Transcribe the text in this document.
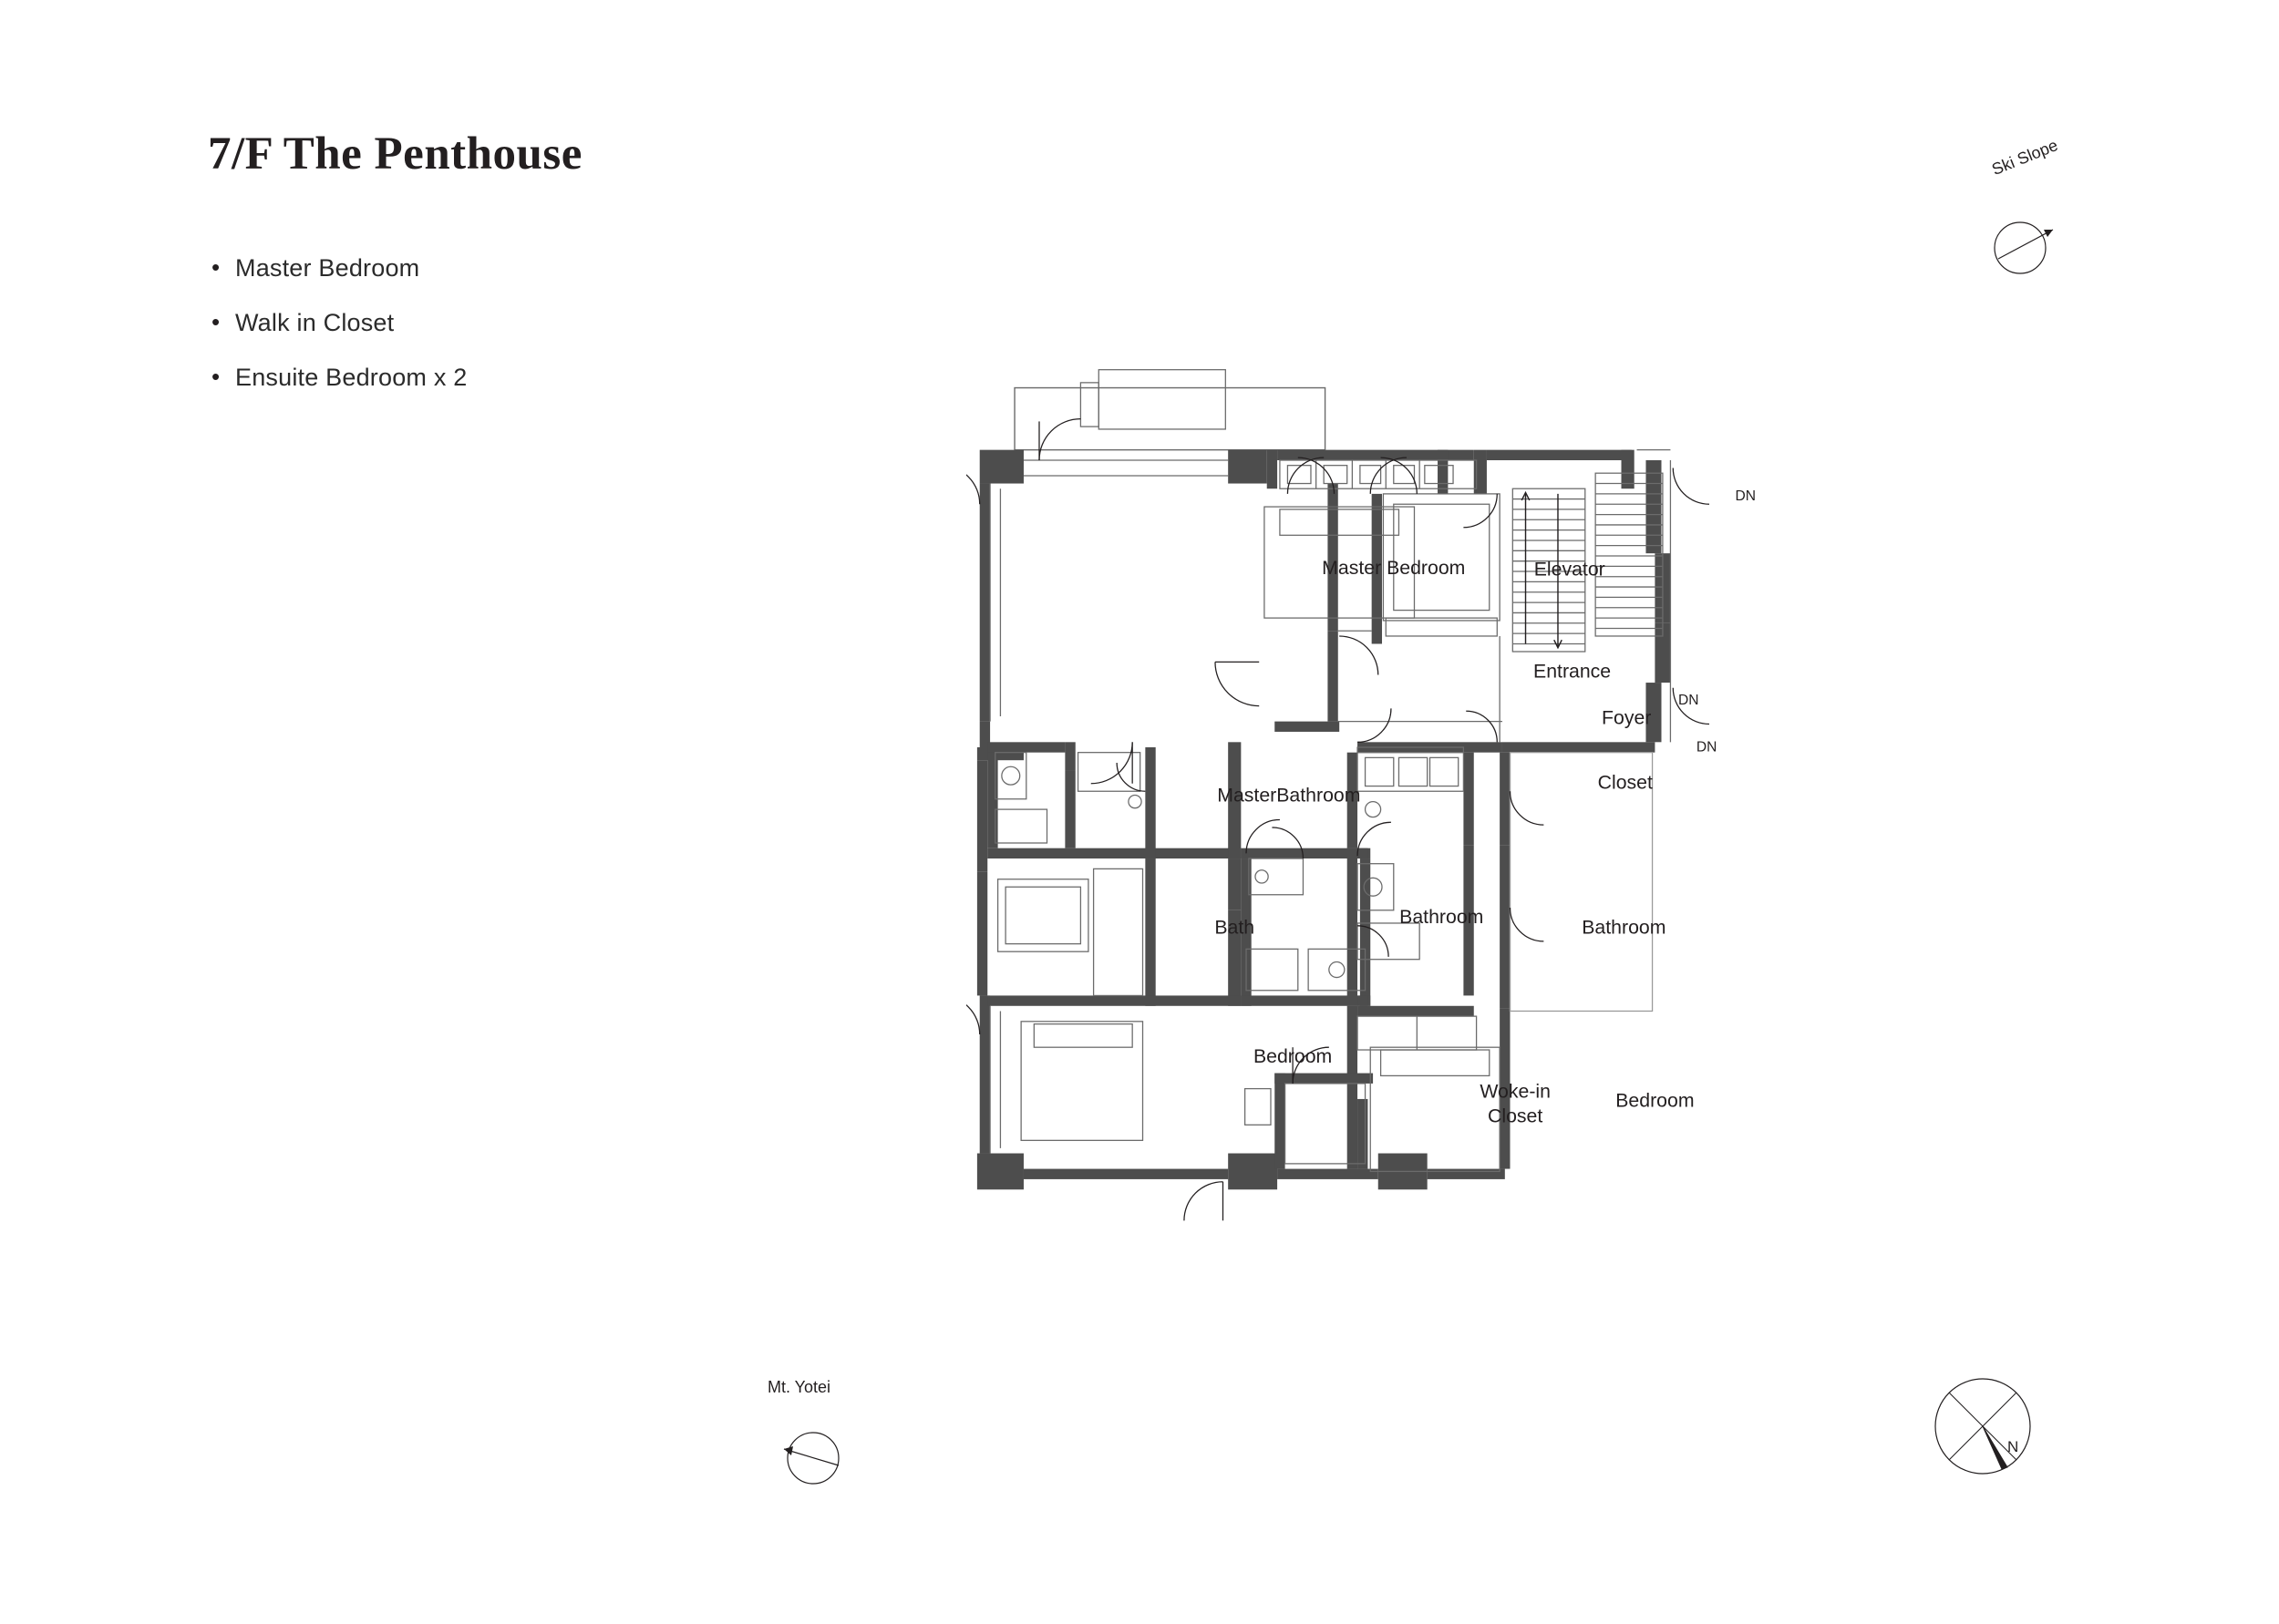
7/F The Penthouse
• Master Bedroom
• Walk in Closet
• Ensuite Bedroom x 2
Master Bedroom	Elevator
Entrance
Foyer
Closet
MasterBathroom
Bath	Bathroom	Bathroom
Bedroom
Woke-in
Closet
Bedroom
DN
DN
DN
Ski Slope
Mt. Yotei
N
